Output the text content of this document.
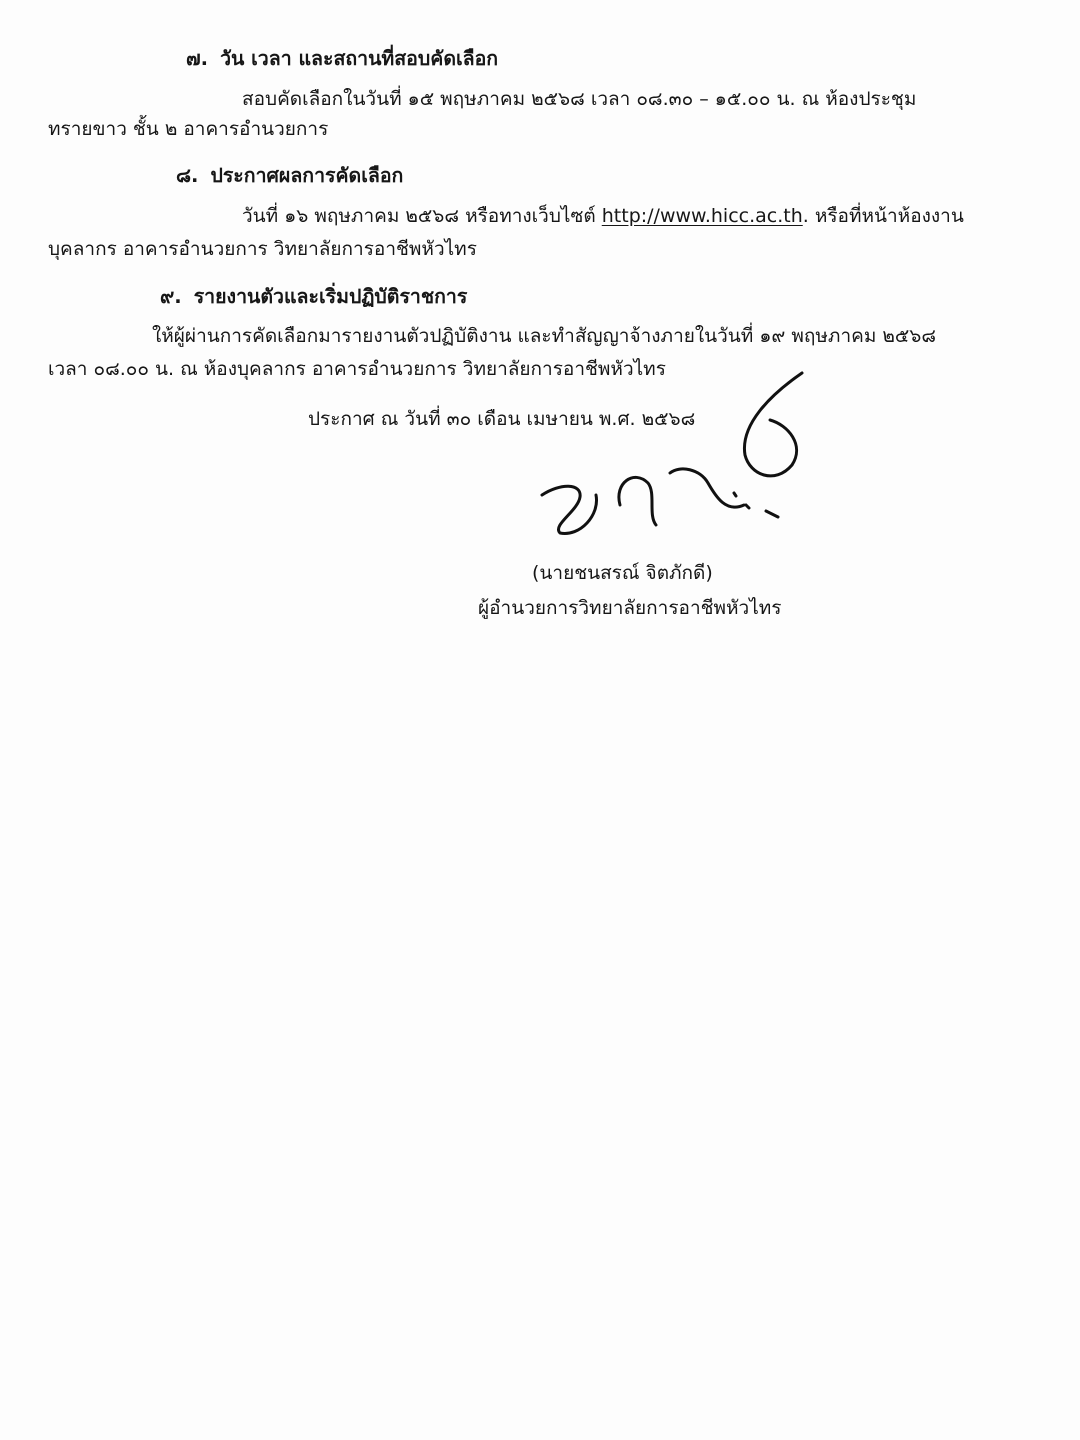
๗. วัน เวลา และสถานที่สอบคัดเลือก
สอบคัดเลือกในวันที่ ๑๕ พฤษภาคม ๒๕๖๘ เวลา ๐๘.๓๐ – ๑๕.๐๐ น. ณ ห้องประชุม
ทรายขาว ชั้น ๒ อาคารอำนวยการ
๘. ประกาศผลการคัดเลือก
วันที่ ๑๖ พฤษภาคม ๒๕๖๘ หรือทางเว็บไซต์ http://www.hicc.ac.th. หรือที่หน้าห้องงาน
บุคลากร อาคารอำนวยการ วิทยาลัยการอาชีพหัวไทร
๙. รายงานตัวและเริ่มปฏิบัติราชการ
ให้ผู้ผ่านการคัดเลือกมารายงานตัวปฏิบัติงาน และทำสัญญาจ้างภายในวันที่ ๑๙ พฤษภาคม ๒๕๖๘
เวลา ๐๘.๐๐ น. ณ ห้องบุคลากร อาคารอำนวยการ วิทยาลัยการอาชีพหัวไทร
ประกาศ ณ วันที่ ๓๐ เดือน เมษายน พ.ศ. ๒๕๖๘
(นายชนสรณ์ จิตภักดี)
ผู้อำนวยการวิทยาลัยการอาชีพหัวไทร
